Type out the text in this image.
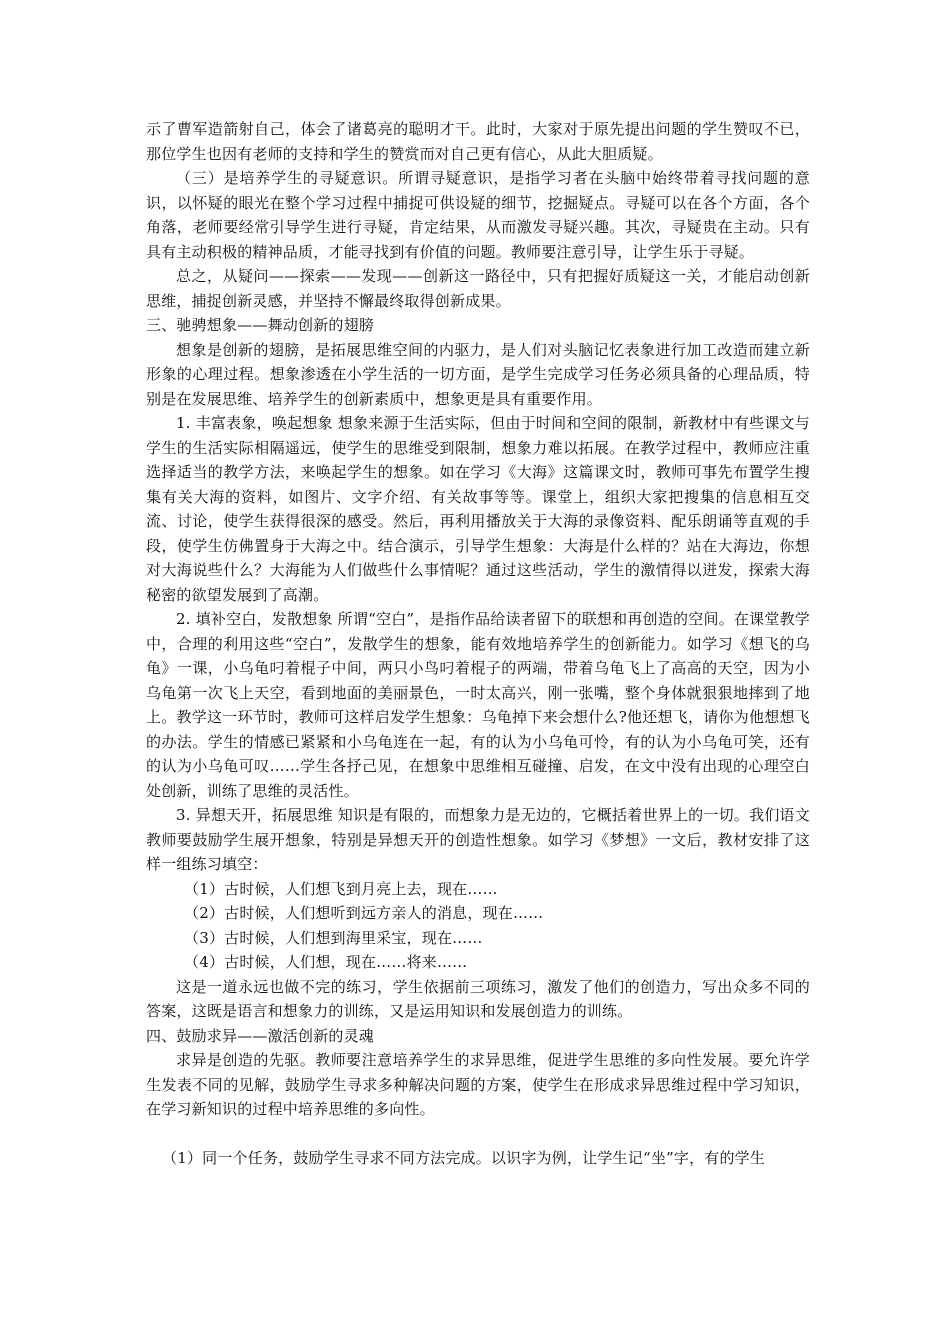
示了曹军造箭射自己，体会了诸葛亮的聪明才干。此时，大家对于原先提出问题的学生赞叹不已，那位学生也因有老师的支持和学生的赞赏而对自己更有信心，从此大胆质疑。

（三）是培养学生的寻疑意识。所谓寻疑意识，是指学习者在头脑中始终带着寻找问题的意识，以怀疑的眼光在整个学习过程中捕捉可供设疑的细节，挖掘疑点。寻疑可以在各个方面，各个角落，老师要经常引导学生进行寻疑，肯定结果，从而激发寻疑兴趣。其次，寻疑贵在主动。只有具有主动积极的精神品质，才能寻找到有价值的问题。教师要注意引导，让学生乐于寻疑。

总之，从疑问——探索——发现——创新这一路径中，只有把握好质疑这一关，才能启动创新思维，捕捉创新灵感，并坚持不懈最终取得创新成果。

三、驰骋想象——舞动创新的翅膀

想象是创新的翅膀，是拓展思维空间的内驱力，是人们对头脑记忆表象进行加工改造而建立新形象的心理过程。想象渗透在小学生活的一切方面，是学生完成学习任务必须具备的心理品质，特别是在发展思维、培养学生的创新素质中，想象更是具有重要作用。

1. 丰富表象，唤起想象 想象来源于生活实际，但由于时间和空间的限制，新教材中有些课文与学生的生活实际相隔遥远，使学生的思维受到限制，想象力难以拓展。在教学过程中，教师应注重选择适当的教学方法，来唤起学生的想象。如在学习《大海》这篇课文时，教师可事先布置学生搜集有关大海的资料，如图片、文字介绍、有关故事等等。课堂上，组织大家把搜集的信息相互交流、讨论，使学生获得很深的感受。然后，再利用播放关于大海的录像资料、配乐朗诵等直观的手段，使学生仿佛置身于大海之中。结合演示，引导学生想象：大海是什么样的？站在大海边，你想对大海说些什么？大海能为人们做些什么事情呢？通过这些活动，学生的激情得以迸发，探索大海秘密的欲望发展到了高潮。

2. 填补空白，发散想象 所谓“空白”，是指作品给读者留下的联想和再创造的空间。在课堂教学中，合理的利用这些“空白”，发散学生的想象，能有效地培养学生的创新能力。如学习《想飞的乌龟》一课，小乌龟叼着棍子中间，两只小鸟叼着棍子的两端，带着乌龟飞上了高高的天空，因为小乌龟第一次飞上天空，看到地面的美丽景色，一时太高兴，刚一张嘴，整个身体就狠狠地摔到了地上。教学这一环节时，教师可这样启发学生想象：乌龟掉下来会想什么?他还想飞，请你为他想想飞的办法。学生的情感已紧紧和小乌龟连在一起，有的认为小乌龟可怜，有的认为小乌龟可笑，还有的认为小乌龟可叹……学生各抒己见，在想象中思维相互碰撞、启发，在文中没有出现的心理空白处创新，训练了思维的灵活性。

3. 异想天开，拓展思维 知识是有限的，而想象力是无边的，它概括着世界上的一切。我们语文教师要鼓励学生展开想象，特别是异想天开的创造性想象。如学习《梦想》一文后，教材安排了这样一组练习填空：

（1）古时候，人们想飞到月亮上去，现在……

（2）古时候，人们想听到远方亲人的消息，现在……

（3）古时候，人们想到海里采宝，现在……

（4）古时候，人们想，现在……将来……

这是一道永远也做不完的练习，学生依据前三项练习，激发了他们的创造力，写出众多不同的答案，这既是语言和想象力的训练，又是运用知识和发展创造力的训练。

四、鼓励求异——激活创新的灵魂

求异是创造的先驱。教师要注意培养学生的求异思维，促进学生思维的多向性发展。要允许学生发表不同的见解，鼓励学生寻求多种解决问题的方案，使学生在形成求异思维过程中学习知识，在学习新知识的过程中培养思维的多向性。

（1）同一个任务，鼓励学生寻求不同方法完成。以识字为例，让学生记“坐”字，有的学生
